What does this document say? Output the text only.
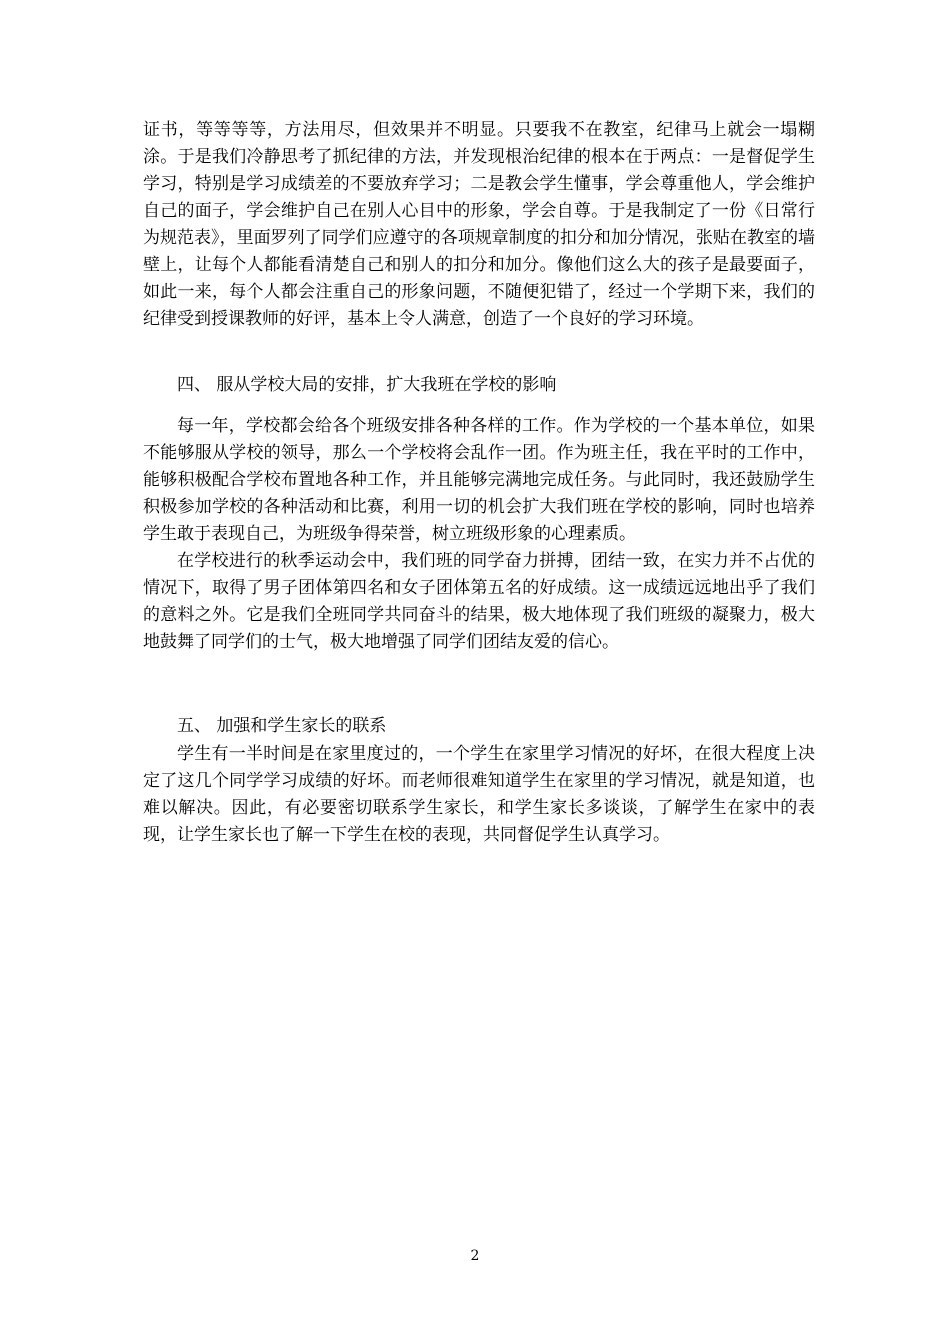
证书，等等等等，方法用尽，但效果并不明显。只要我不在教室，纪律马上就会一塌糊涂。于是我们冷静思考了抓纪律的方法，并发现根治纪律的根本在于两点：一是督促学生学习，特别是学习成绩差的不要放弃学习；二是教会学生懂事，学会尊重他人，学会维护自己的面子，学会维护自己在别人心目中的形象，学会自尊。于是我制定了一份《日常行为规范表》，里面罗列了同学们应遵守的各项规章制度的扣分和加分情况，张贴在教室的墙壁上，让每个人都能看清楚自己和别人的扣分和加分。像他们这么大的孩子是最要面子，如此一来，每个人都会注重自己的形象问题，不随便犯错了，经过一个学期下来，我们的纪律受到授课教师的好评，基本上令人满意，创造了一个良好的学习环境。

四、 服从学校大局的安排，扩大我班在学校的影响

每一年，学校都会给各个班级安排各种各样的工作。作为学校的一个基本单位，如果不能够服从学校的领导，那么一个学校将会乱作一团。作为班主任，我在平时的工作中，能够积极配合学校布置地各种工作，并且能够完满地完成任务。与此同时，我还鼓励学生积极参加学校的各种活动和比赛，利用一切的机会扩大我们班在学校的影响，同时也培养学生敢于表现自己，为班级争得荣誉，树立班级形象的心理素质。

在学校进行的秋季运动会中，我们班的同学奋力拼搏，团结一致，在实力并不占优的情况下，取得了男子团体第四名和女子团体第五名的好成绩。这一成绩远远地出乎了我们的意料之外。它是我们全班同学共同奋斗的结果，极大地体现了我们班级的凝聚力，极大地鼓舞了同学们的士气，极大地增强了同学们团结友爱的信心。

五、 加强和学生家长的联系

学生有一半时间是在家里度过的，一个学生在家里学习情况的好坏，在很大程度上决定了这几个同学学习成绩的好坏。而老师很难知道学生在家里的学习情况，就是知道，也难以解决。因此，有必要密切联系学生家长，和学生家长多谈谈，了解学生在家中的表现，让学生家长也了解一下学生在校的表现，共同督促学生认真学习。

2
